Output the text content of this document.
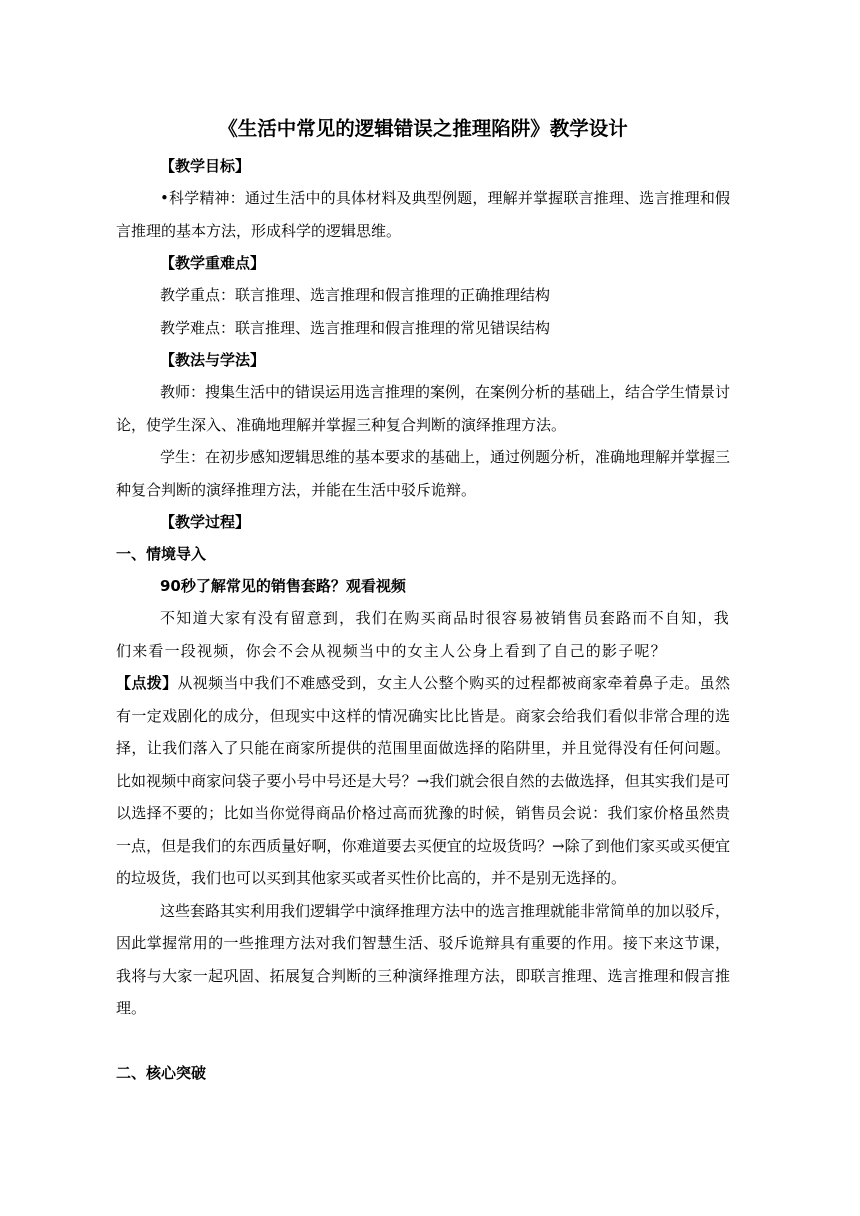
《生活中常见的逻辑错误之推理陷阱》教学设计

【教学目标】

•科学精神：通过生活中的具体材料及典型例题，理解并掌握联言推理、选言推理和假言推理的基本方法，形成科学的逻辑思维。

【教学重难点】

教学重点：联言推理、选言推理和假言推理的正确推理结构

教学难点：联言推理、选言推理和假言推理的常见错误结构

【教法与学法】

教师：搜集生活中的错误运用选言推理的案例，在案例分析的基础上，结合学生情景讨论，使学生深入、准确地理解并掌握三种复合判断的演绎推理方法。

学生：在初步感知逻辑思维的基本要求的基础上，通过例题分析，准确地理解并掌握三种复合判断的演绎推理方法，并能在生活中驳斥诡辩。

【教学过程】

一、情境导入

90秒了解常见的销售套路？观看视频

不知道大家有没有留意到，我们在购买商品时很容易被销售员套路而不自知，我们来看一段视频，你会不会从视频当中的女主人公身上看到了自己的影子呢？

【点拨】从视频当中我们不难感受到，女主人公整个购买的过程都被商家牵着鼻子走。虽然有一定戏剧化的成分，但现实中这样的情况确实比比皆是。商家会给我们看似非常合理的选择，让我们落入了只能在商家所提供的范围里面做选择的陷阱里，并且觉得没有任何问题。比如视频中商家问袋子要小号中号还是大号？→我们就会很自然的去做选择，但其实我们是可以选择不要的；比如当你觉得商品价格过高而犹豫的时候，销售员会说：我们家价格虽然贵一点，但是我们的东西质量好啊，你难道要去买便宜的垃圾货吗？→除了到他们家买或买便宜的垃圾货，我们也可以买到其他家买或者买性价比高的，并不是别无选择的。

这些套路其实利用我们逻辑学中演绎推理方法中的选言推理就能非常简单的加以驳斥，因此掌握常用的一些推理方法对我们智慧生活、驳斥诡辩具有重要的作用。接下来这节课，我将与大家一起巩固、拓展复合判断的三种演绎推理方法，即联言推理、选言推理和假言推理。

二、核心突破
